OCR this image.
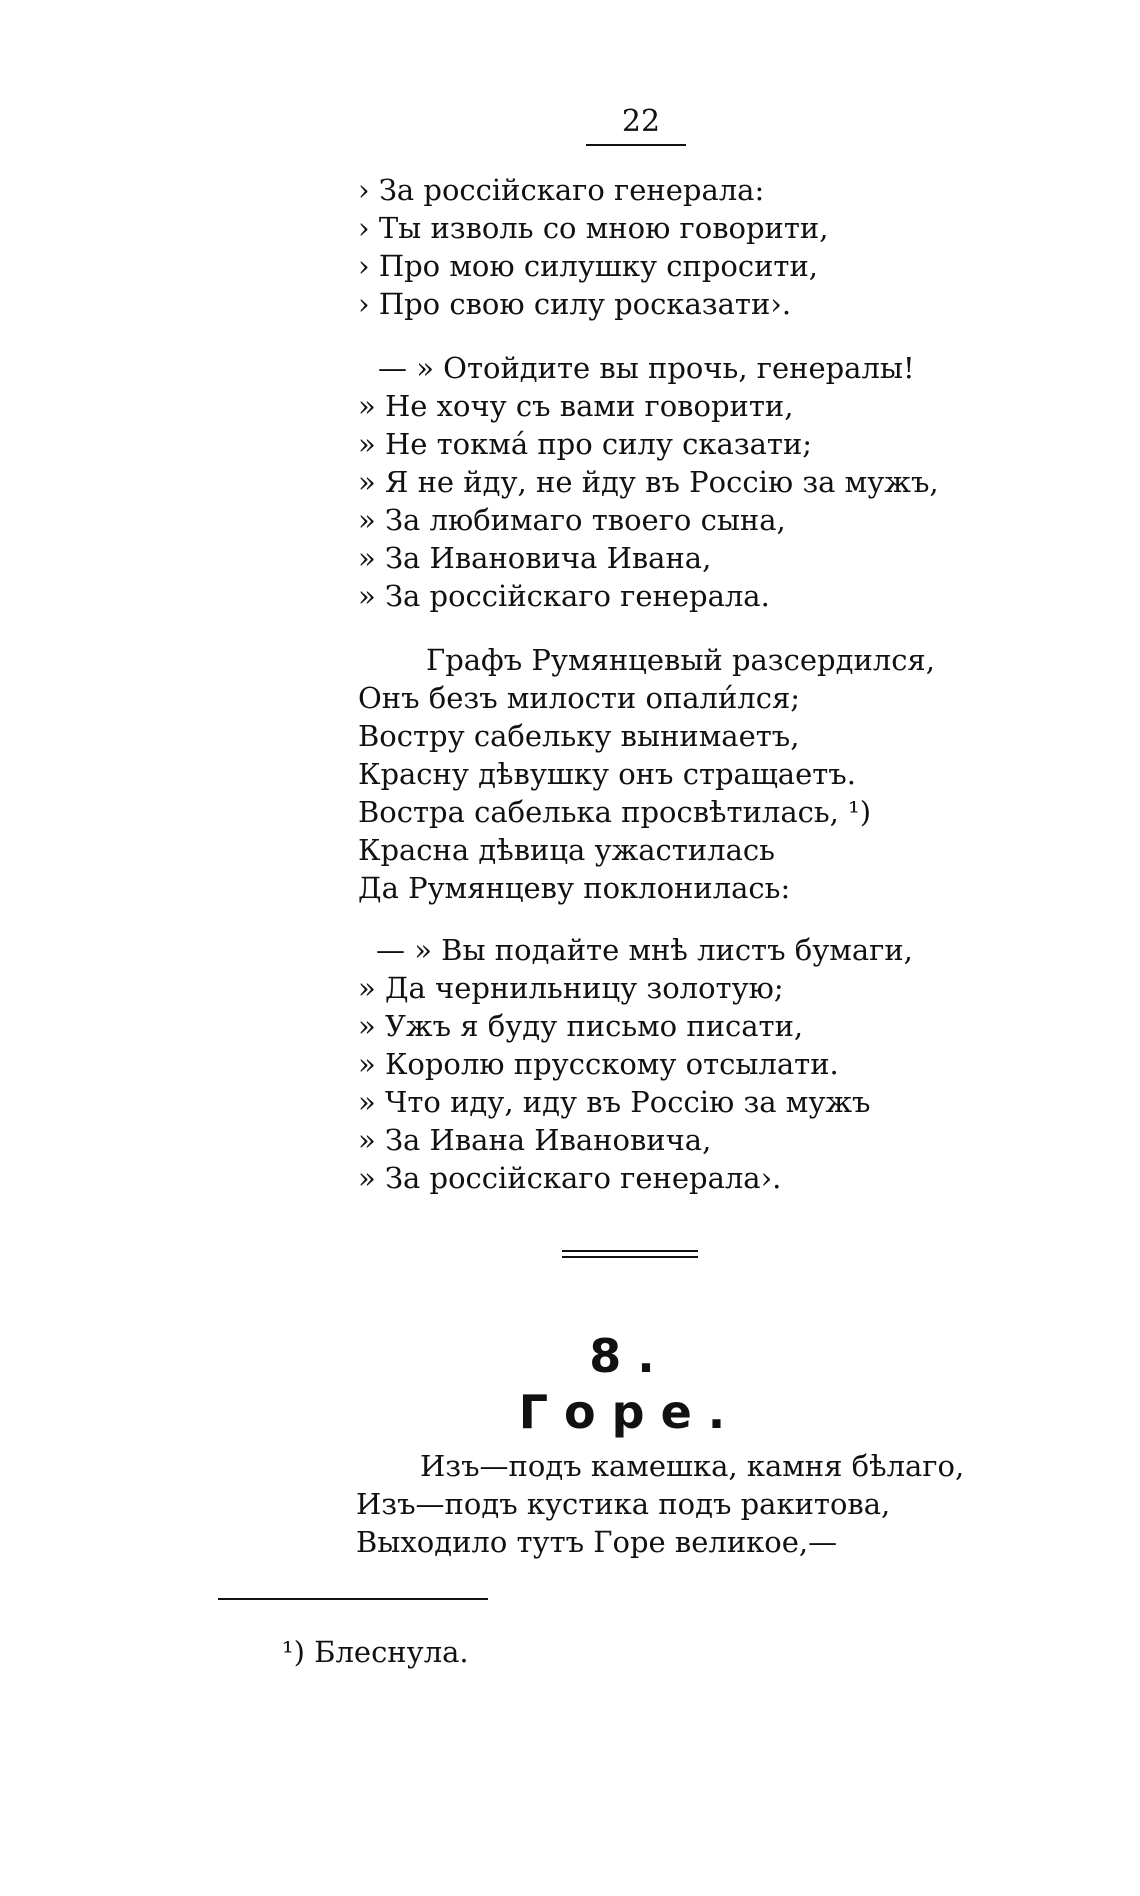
22
› За россійскаго генерала:
› Ты изволь со мною говорити,
› Про мою силушку спросити,
› Про свою силу росказати›.
— » Отойдите вы прочь, генералы!
» Не хочу съ вами говорити,
» Не токма́ про силу сказати;
» Я не йду, не йду въ Россію за мужъ,
» За любимаго твоего сына,
» За Ивановича Ивана,
» За россійскаго генерала.
Графъ Румянцевый разсердился,
Онъ безъ милости опали́лся;
Востру сабельку вынимаетъ,
Красну дѣвушку онъ стращаетъ.
Востра сабелька просвѣтилась, ¹)
Красна дѣвица ужастилась
Да Румянцеву поклонилась:
— » Вы подайте мнѣ листъ бумаги,
» Да чернильницу золотую;
» Ужъ я буду письмо писати,
» Королю прусскому отсылати.
» Что иду, иду въ Россію за мужъ
» За Ивана Ивановича,
» За россійскаго генерала›.
8. Горе.
Изъ—подъ камешка, камня бѣлаго,
Изъ—подъ кустика подъ ракитова,
Выходило тутъ Горе великое,—
¹) Блеснула.
